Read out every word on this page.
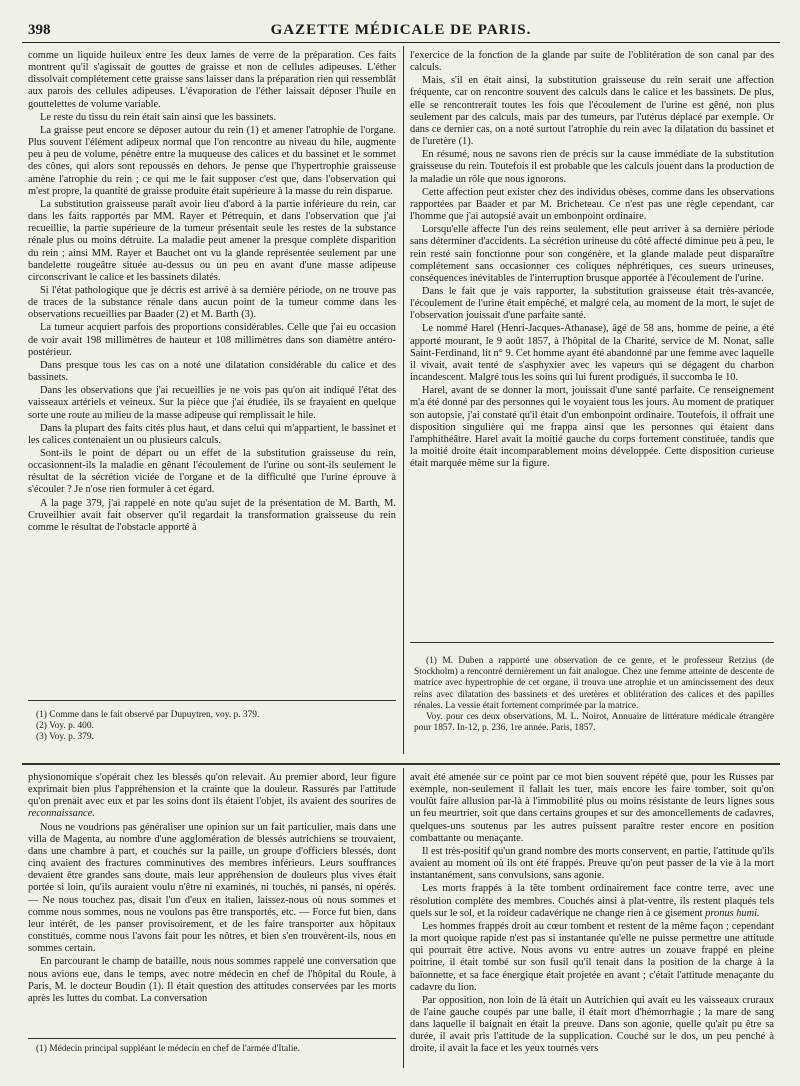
398	GAZETTE MÉDICALE DE PARIS.

comme un liquide huileux entre les deux lames de verre de la préparation. Ces faits montrent qu'il s'agissait de gouttes de graisse et non de cellules adipeuses. L'éther dissolvait complétement cette graisse sans laisser dans la préparation rien qui ressemblât aux parois des cellules adipeuses. L'évaporation de l'éther laissait déposer l'huile en gouttelettes de volume variable.

Le reste du tissu du rein était sain ainsi que les bassinets.

La graisse peut encore se déposer autour du rein (1) et amener l'atrophie de l'organe. Plus souvent l'élément adipeux normal que l'on rencontre au niveau du hile, augmente peu à peu de volume, pénètre entre la muqueuse des calices et du bassinet et le sommet des cônes, qui alors sont repoussés en dehors. Je pense que l'hypertrophie graisseuse amène l'atrophie du rein ; ce qui me le fait supposer c'est que, dans l'observation qui m'est propre, la quantité de graisse produite était supérieure à la masse du rein disparue.

La substitution graisseuse paraît avoir lieu d'abord à la partie inférieure du rein, car dans les faits rapportés par MM. Rayer et Pétrequin, et dans l'observation que j'ai recueillie, la partie supérieure de la tumeur présentait seule les restes de la substance rénale plus ou moins détruite. La maladie peut amener la presque complète disparition du rein ; ainsi MM. Rayer et Bauchet ont vu la glande représentée seulement par une bandelette rougeâtre située au-dessus ou un peu en avant d'une masse adipeuse circonscrivant le calice et les bassinets dilatés.

Si l'état pathologique que je décris est arrivé à sa dernière période, on ne trouve pas de traces de la substance rénale dans aucun point de la tumeur comme dans les observations recueillies par Baader (2) et M. Barth (3).

La tumeur acquiert parfois des proportions considérables. Celle que j'ai eu occasion de voir avait 198 millimètres de hauteur et 108 millimètres dans son diamètre antéro-postérieur.

Dans presque tous les cas on a noté une dilatation considérable du calice et des bassinets.

Dans les observations que j'ai recueillies je ne vois pas qu'on ait indiqué l'état des vaisseaux artériels et veineux. Sur la pièce que j'ai étudiée, ils se frayaient en quelque sorte une route au milieu de la masse adipeuse qui remplissait le hile.

Dans la plupart des faits cités plus haut, et dans celui qui m'appartient, le bassinet et les calices contenaient un ou plusieurs calculs.

Sont-ils le point de départ ou un effet de la substitution graisseuse du rein, occasionnent-ils la maladie en gênant l'écoulement de l'urine ou sont-ils seulement le résultat de la sécrétion viciée de l'organe et de la difficulté que l'urine éprouve à s'écouler ? Je n'ose rien formuler à cet égard.

A la page 379, j'ai rappelé en note qu'au sujet de la présentation de M. Barth, M. Cruveilhier avait fait observer qu'il regardait la transformation graisseuse du rein comme le résultat de l'obstacle apporté à

(1) Comme dans le fait observé par Dupuytren, voy. p. 379.

(2) Voy. p. 400.

(3) Voy. p. 379.

l'exercice de la fonction de la glande par suite de l'oblitération de son canal par des calculs.

Mais, s'il en était ainsi, la substitution graisseuse du rein serait une affection fréquente, car on rencontre souvent des calculs dans le calice et les bassinets. De plus, elle se rencontrerait toutes les fois que l'écoulement de l'urine est gêné, non plus seulement par des calculs, mais par des tumeurs, par l'utérus déplacé par exemple. Or dans ce dernier cas, on a noté surtout l'atrophie du rein avec la dilatation du bassinet et de l'uretère (1).

En résumé, nous ne savons rien de précis sur la cause immédiate de la substitution graisseuse du rein. Toutefois il est probable que les calculs jouent dans la production de la maladie un rôle que nous ignorons.

Cette affection peut exister chez des individus obèses, comme dans les observations rapportées par Baader et par M. Bricheteau. Ce n'est pas une règle cependant, car l'homme que j'ai autopsié avait un embonpoint ordinaire.

Lorsqu'elle affecte l'un des reins seulement, elle peut arriver à sa dernière période sans déterminer d'accidents. La sécrétion urineuse du côté affecté diminue peu à peu, le rein resté sain fonctionne pour son congénère, et la glande malade peut disparaître complétement sans occasionner ces coliques néphrétiques, ces sueurs urineuses, conséquences inévitables de l'interruption brusque apportée à l'écoulement de l'urine.

Dans le fait que je vais rapporter, la substitution graisseuse était très-avancée, l'écoulement de l'urine était empêché, et malgré cela, au moment de la mort, le sujet de l'observation jouissait d'une parfaite santé.

Le nommé Harel (Henri-Jacques-Athanase), âgé de 58 ans, homme de peine, a été apporté mourant, le 9 août 1857, à l'hôpital de la Charité, service de M. Nonat, salle Saint-Ferdinand, lit n° 9. Cet homme ayant été abandonné par une femme avec laquelle il vivait, avait tenté de s'asphyxier avec les vapeurs qui se dégagent du charbon incandescent. Malgré tous les soins qui lui furent prodigués, il succomba le 10.

Harel, avant de se donner la mort, jouissait d'une santé parfaite. Ce renseignement m'a été donné par des personnes qui le voyaient tous les jours. Au moment de pratiquer son autopsie, j'ai constaté qu'il était d'un embonpoint ordinaire. Toutefois, il offrait une disposition singulière qui me frappa ainsi que les personnes qui étaient dans l'amphithéâtre. Harel avait la moitié gauche du corps fortement constituée, tandis que la moitié droite était incomparablement moins développée. Cette disposition curieuse était marquée même sur la figure.

(1) M. Duben a rapporté une observation de ce genre, et le professeur Retzius (de Stockholm) a rencontré dernièrement un fait analogue. Chez une femme atteinte de descente de matrice avec hypertrophie de cet organe, il trouva une atrophie et un amincissement des deux reins avec dilatation des bassinets et des uretères et oblitération des calices et des papilles rénales. La vessie était fortement comprimée par la matrice.

Voy. pour ces deux observations, M. L. Noirot, Annuaire de littérature médicale étrangère pour 1857. In-12, p. 236, 1re année. Paris, 1857.

physionomique s'opérait chez les blessés qu'on relevait. Au premier abord, leur figure exprimait bien plus l'appréhension et la crainte que la douleur. Rassurés par l'attitude qu'on prenait avec eux et par les soins dont ils étaient l'objet, ils avaient des sourires de reconnaissance.

Nous ne voudrions pas généraliser une opinion sur un fait particulier, mais dans une villa de Magenta, au nombre d'une agglomération de blessés autrichiens se trouvaient, dans une chambre à part, et couchés sur la paille, un groupe d'officiers blessés, dont cinq avaient des fractures comminutives des membres inférieurs. Leurs souffrances devaient être grandes sans doute, mais leur appréhension de douleurs plus vives était portée si loin, qu'ils auraient voulu n'être ni examinés, ni touchés, ni pansés, ni opérés. — Ne nous touchez pas, disait l'un d'eux en italien, laissez-nous où nous sommes et comme nous sommes, nous ne voulons pas être transportés, etc. — Force fut bien, dans leur intérêt, de les panser provisoirement, et de les faire transporter aux hôpitaux constitués, comme nous l'avons fait pour les nôtres, et bien s'en trouvèrent-ils, nous en sommes certain.

En parcourant le champ de bataille, nous nous sommes rappelé une conversation que nous avions eue, dans le temps, avec notre médecin en chef de l'hôpital du Roule, à Paris, M. le docteur Boudin (1). Il était question des attitudes conservées par les morts après les luttes du combat. La conversation

(1) Médecin principal suppléant le médecin en chef de l'armée d'Italie.

avait été amenée sur ce point par ce mot bien souvent répété que, pour les Russes par exemple, non-seulement il fallait les tuer, mais encore les faire tomber, soit qu'on voulût faire allusion par-là à l'immobilité plus ou moins résistante de leurs lignes sous un feu meurtrier, soit que dans certains groupes et sur des amoncellements de cadavres, quelques-uns soutenus par les autres puissent paraître rester encore en position combattante ou menaçante.

Il est très-positif qu'un grand nombre des morts conservent, en partie, l'attitude qu'ils avaient au moment où ils ont été frappés. Preuve qu'on peut passer de la vie à la mort instantanément, sans convulsions, sans agonie.

Les morts frappés à la tête tombent ordinairement face contre terre, avec une résolution complète des membres. Couchés ainsi à plat-ventre, ils restent plaqués tels quels sur le sol, et la roideur cadavérique ne change rien à ce gisement pronus humi.

Les hommes frappés droit au cœur tombent et restent de la même façon ; cependant la mort quoique rapide n'est pas si instantanée qu'elle ne puisse permettre une attitude qui pourrait être active. Nous avons vu entre autres un zouave frappé en pleine poitrine, il était tombé sur son fusil qu'il tenait dans la position de la charge à la baïonnette, et sa face énergique était projetée en avant ; c'était l'attitude menaçante du cadavre du lion.

Par opposition, non loin de là était un Autrichien qui avait eu les vaisseaux cruraux de l'aine gauche coupés par une balle, il était mort d'hémorrhagie ; la mare de sang dans laquelle il baignait en était la preuve. Dans son agonie, quelle qu'ait pu être sa durée, il avait pris l'attitude de la supplication. Couché sur le dos, un peu penché à droite, il avait la face et les yeux tournés vers
